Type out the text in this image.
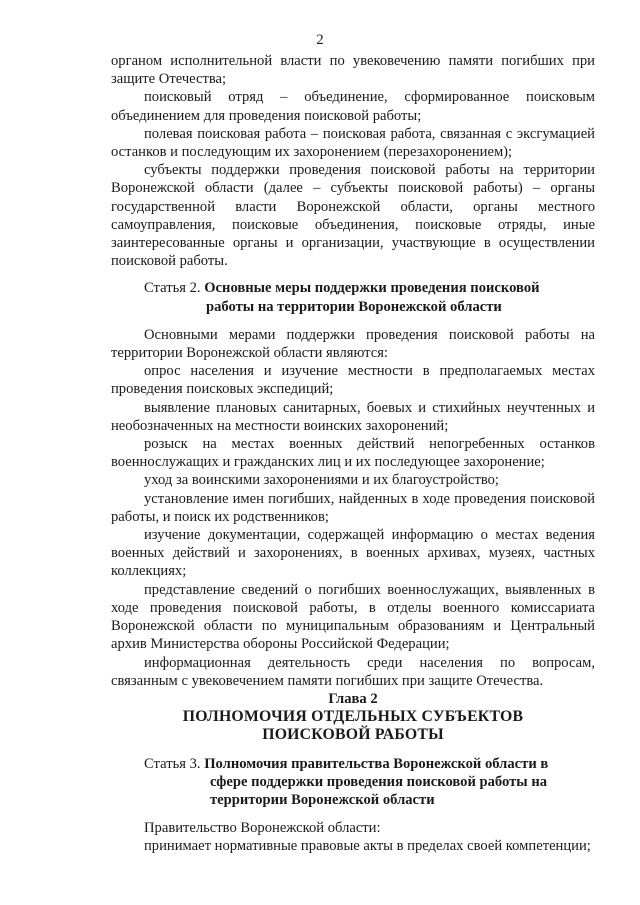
2

органом исполнительной власти по увековечению памяти погибших при защите Отечества;

поисковый отряд – объединение, сформированное поисковым объединением для проведения поисковой работы;

полевая поисковая работа – поисковая работа, связанная с эксгумацией останков и последующим их захоронением (перезахоронением);

субъекты поддержки проведения поисковой работы на территории Воронежской области (далее – субъекты поисковой работы) – органы государственной власти Воронежской области, органы местного самоуправления, поисковые объединения, поисковые отряды, иные заинтересованные органы и организации, участвующие в осуществлении поисковой работы.

Статья 2. Основные меры поддержки проведения поисковой
работы на территории Воронежской области

Основными мерами поддержки проведения поисковой работы на территории Воронежской области являются:

опрос населения и изучение местности в предполагаемых местах проведения поисковых экспедиций;

выявление плановых санитарных, боевых и стихийных неучтенных и необозначенных на местности воинских захоронений;

розыск на местах военных действий непогребенных останков военнослужащих и гражданских лиц и их последующее захоронение;

уход за воинскими захоронениями и их благоустройство;

установление имен погибших, найденных в ходе проведения поисковой работы, и поиск их родственников;

изучение документации, содержащей информацию о местах ведения военных действий и захоронениях, в военных архивах, музеях, частных коллекциях;

представление сведений о погибших военнослужащих, выявленных в ходе проведения поисковой работы, в отделы военного комиссариата Воронежской области по муниципальным образованиям и Центральный архив Министерства обороны Российской Федерации;

информационная деятельность среди населения по вопросам, связанным с увековечением памяти погибших при защите Отечества.

Глава 2
ПОЛНОМОЧИЯ ОТДЕЛЬНЫХ СУБЪЕКТОВ
ПОИСКОВОЙ РАБОТЫ
Статья 3. Полномочия правительства Воронежской области в
сфере поддержки проведения поисковой работы на
территории Воронежской области

Правительство Воронежской области:

принимает нормативные правовые акты в пределах своей компетенции;
